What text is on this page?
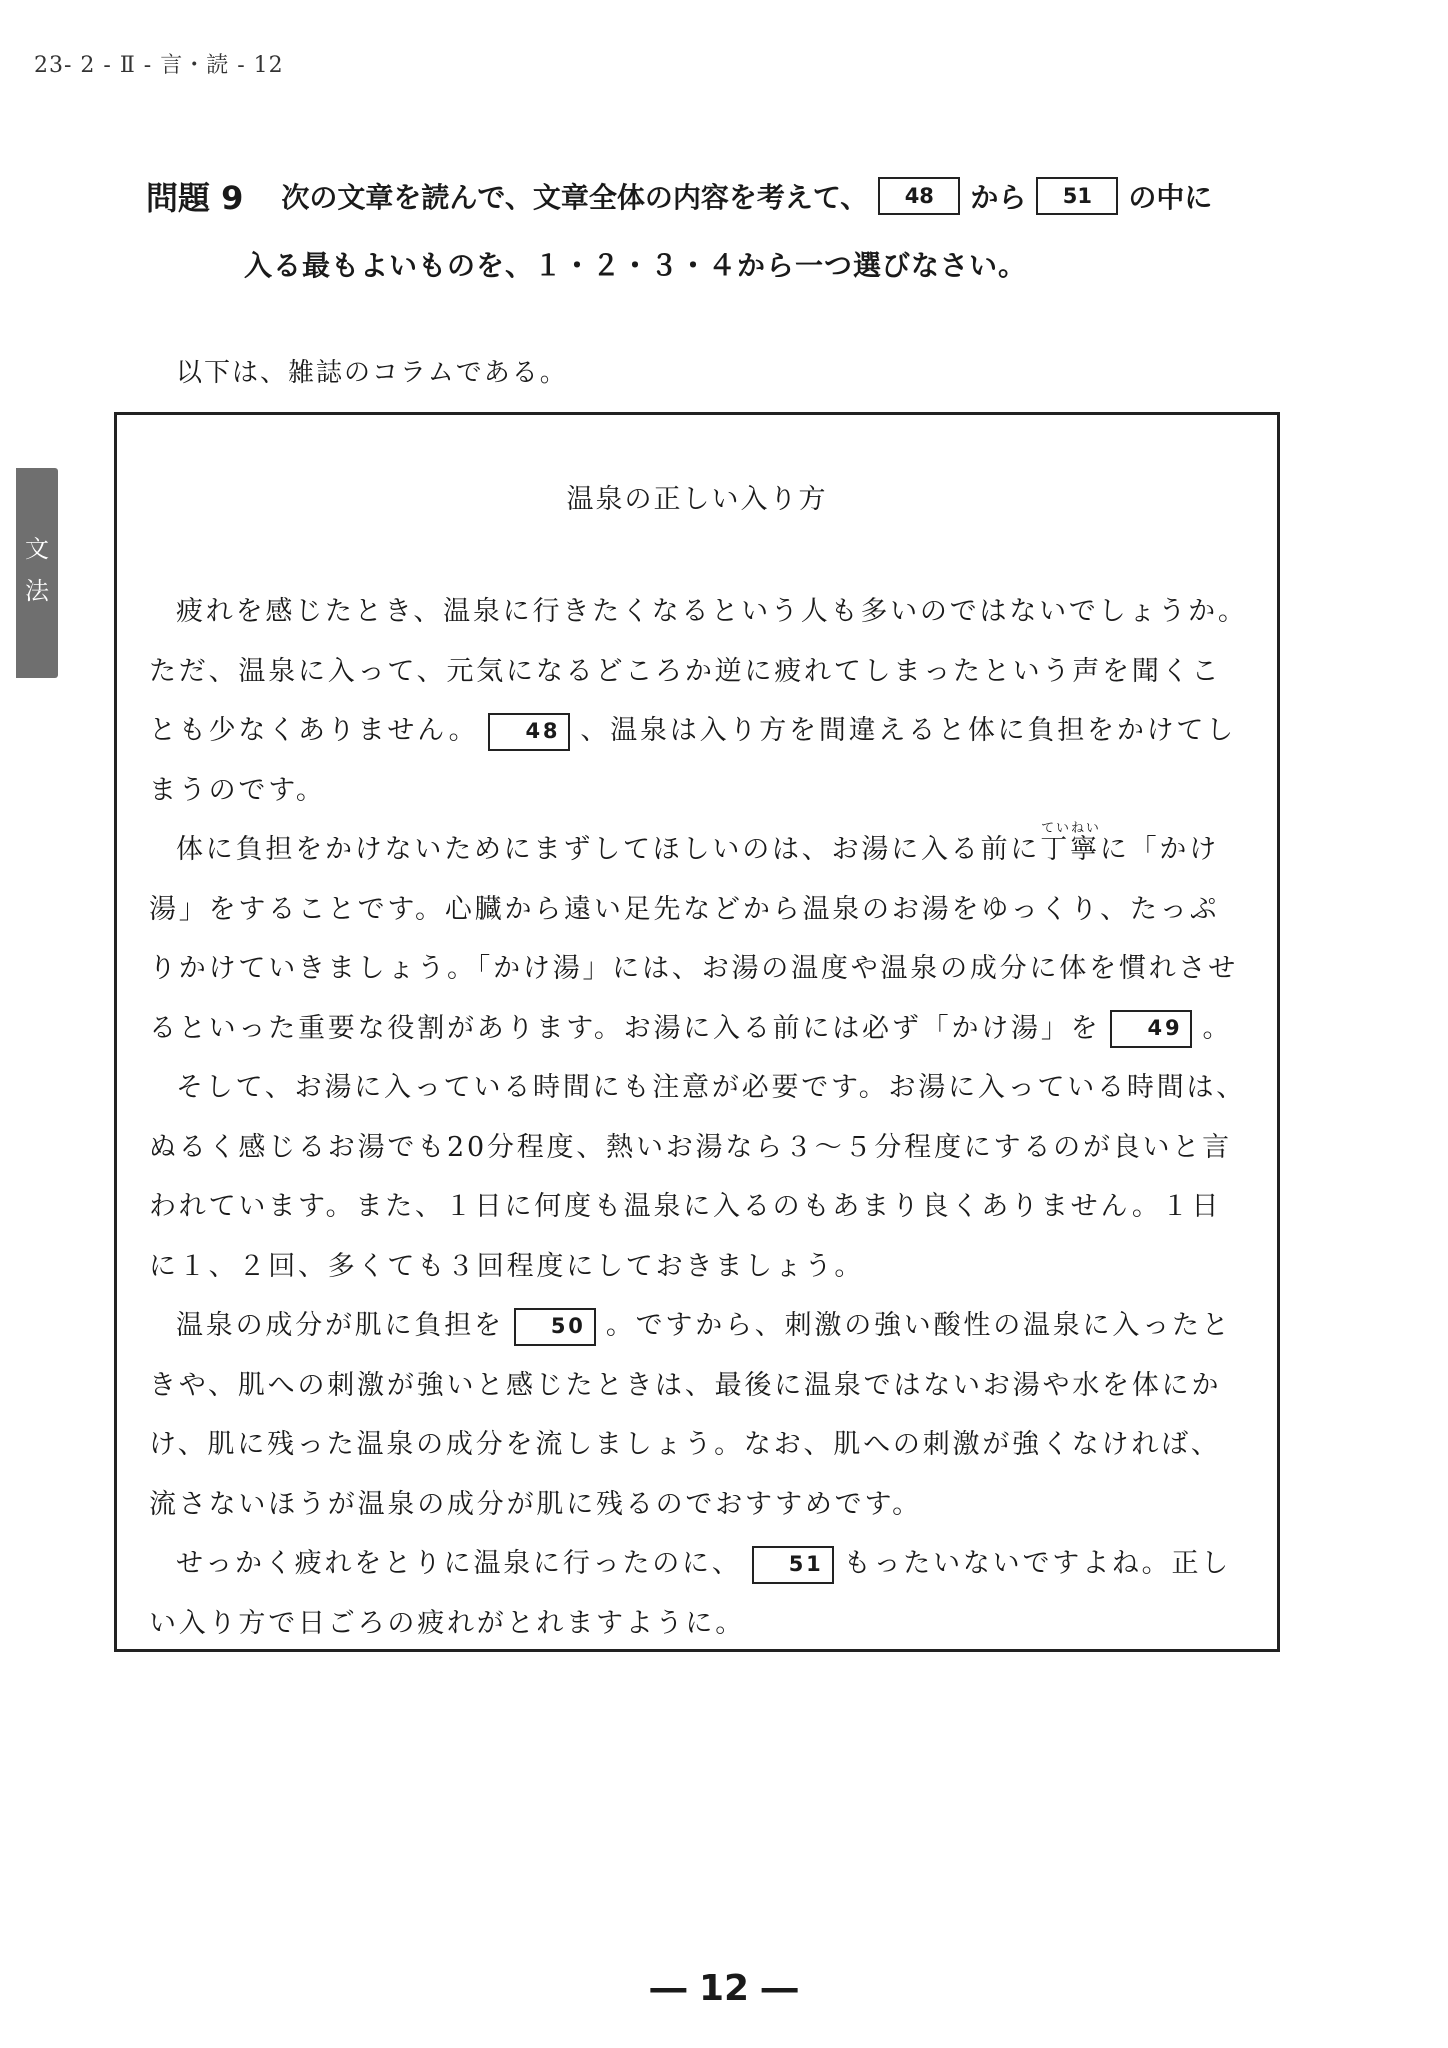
23- 2 - Ⅱ - 言・読 - 12
文
法
問題 9 次の文章を読んで、文章全体の内容を考えて、	48	から	51	の中に
入る最もよいものを、１・２・３・４から一つ選びなさい。
以下は、雑誌のコラムである。
温泉の正しい入り方

疲れを感じたとき、温泉に行きたくなるという人も多いのではないでしょうか。ただ、温泉に入って、元気になるどころか逆に疲れてしまったという声を聞くことも少なくありません。 48 、温泉は入り方を間違えると体に負担をかけてしまうのです。

体に負担をかけないためにまずしてほしいのは、お湯に入る前に丁寧ていねいに「かけ湯」をすることです。心臓から遠い足先などから温泉のお湯をゆっくり、たっぷりかけていきましょう。「かけ湯」には、お湯の温度や温泉の成分に体を慣れさせるといった重要な役割があります。お湯に入る前には必ず「かけ湯」を 49 。

そして、お湯に入っている時間にも注意が必要です。お湯に入っている時間は、ぬるく感じるお湯でも20分程度、熱いお湯なら３～５分程度にするのが良いと言われています。また、１日に何度も温泉に入るのもあまり良くありません。１日に１、２回、多くても３回程度にしておきましょう。

温泉の成分が肌に負担を 50 。ですから、刺激の強い酸性の温泉に入ったときや、肌への刺激が強いと感じたときは、最後に温泉ではないお湯や水を体にかけ、肌に残った温泉の成分を流しましょう。なお、肌への刺激が強くなければ、流さないほうが温泉の成分が肌に残るのでおすすめです。

せっかく疲れをとりに温泉に行ったのに、 51 もったいないですよね。正しい入り方で日ごろの疲れがとれますように。

― 12 ―
